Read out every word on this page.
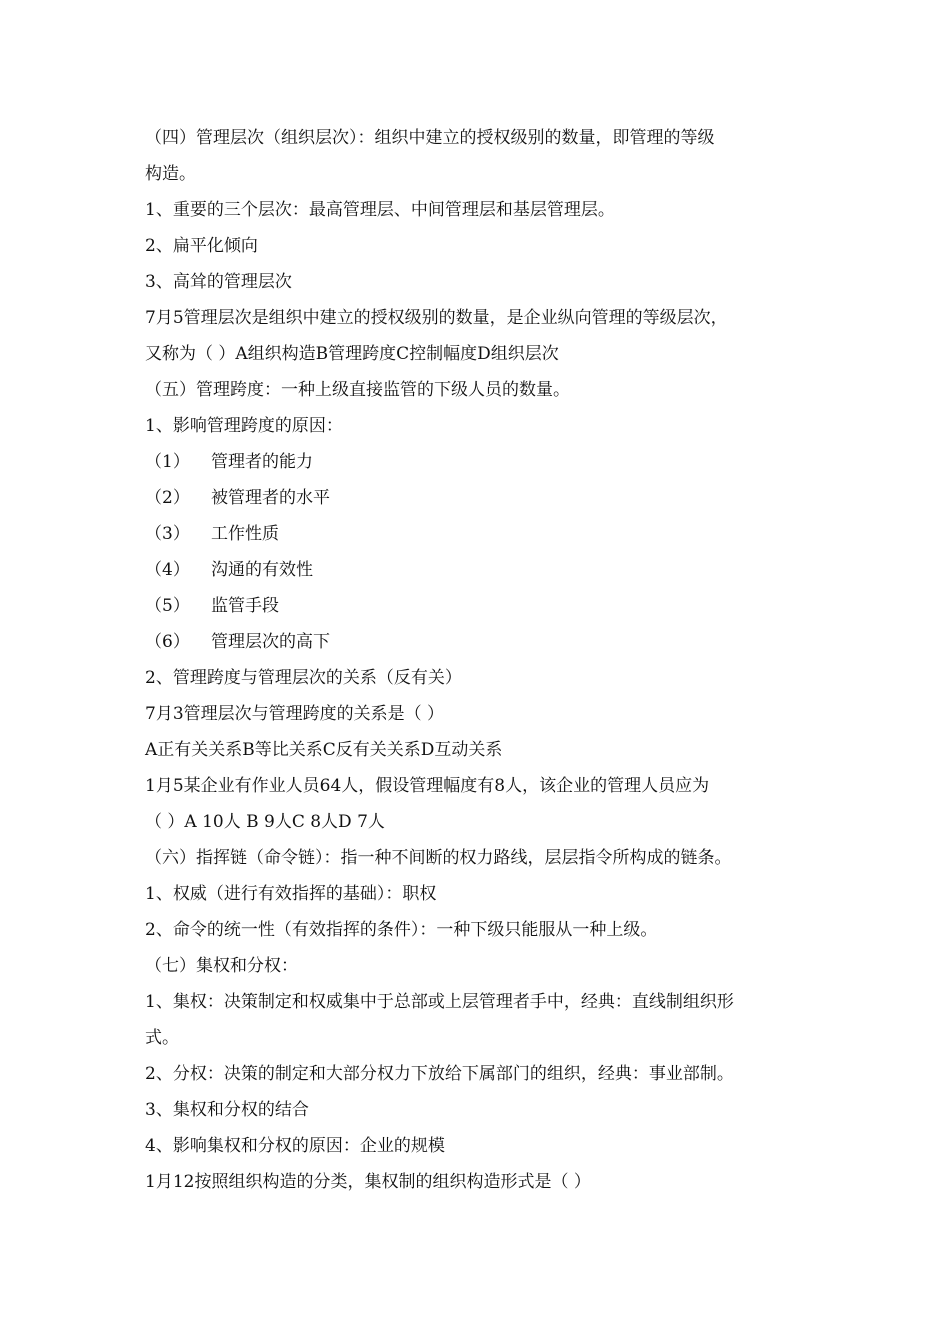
（四）管理层次（组织层次）：组织中建立的授权级别的数量，即管理的等级
构造。
1、重要的三个层次：最高管理层、中间管理层和基层管理层。
2、扁平化倾向
3、高耸的管理层次
7月5管理层次是组织中建立的授权级别的数量，是企业纵向管理的等级层次，
又称为（ ）A组织构造B管理跨度C控制幅度D组织层次
（五）管理跨度：一种上级直接监管的下级人员的数量。
1、影响管理跨度的原因：
（1） 管理者的能力
（2） 被管理者的水平
（3） 工作性质
（4） 沟通的有效性
（5） 监管手段
（6） 管理层次的高下
2、管理跨度与管理层次的关系（反有关）
7月3管理层次与管理跨度的关系是（ ）
A正有关关系B等比关系C反有关关系D互动关系
1月5某企业有作业人员64人，假设管理幅度有8人，该企业的管理人员应为
（ ）A 10人 B 9人C 8人D 7人
（六）指挥链（命令链）：指一种不间断的权力路线，层层指令所构成的链条。
1、权威（进行有效指挥的基础）：职权
2、命令的统一性（有效指挥的条件）：一种下级只能服从一种上级。
（七）集权和分权：
1、集权：决策制定和权威集中于总部或上层管理者手中，经典：直线制组织形
式。
2、分权：决策的制定和大部分权力下放给下属部门的组织，经典：事业部制。
3、集权和分权的结合
4、影响集权和分权的原因：企业的规模
1月12按照组织构造的分类，集权制的组织构造形式是（ ）
